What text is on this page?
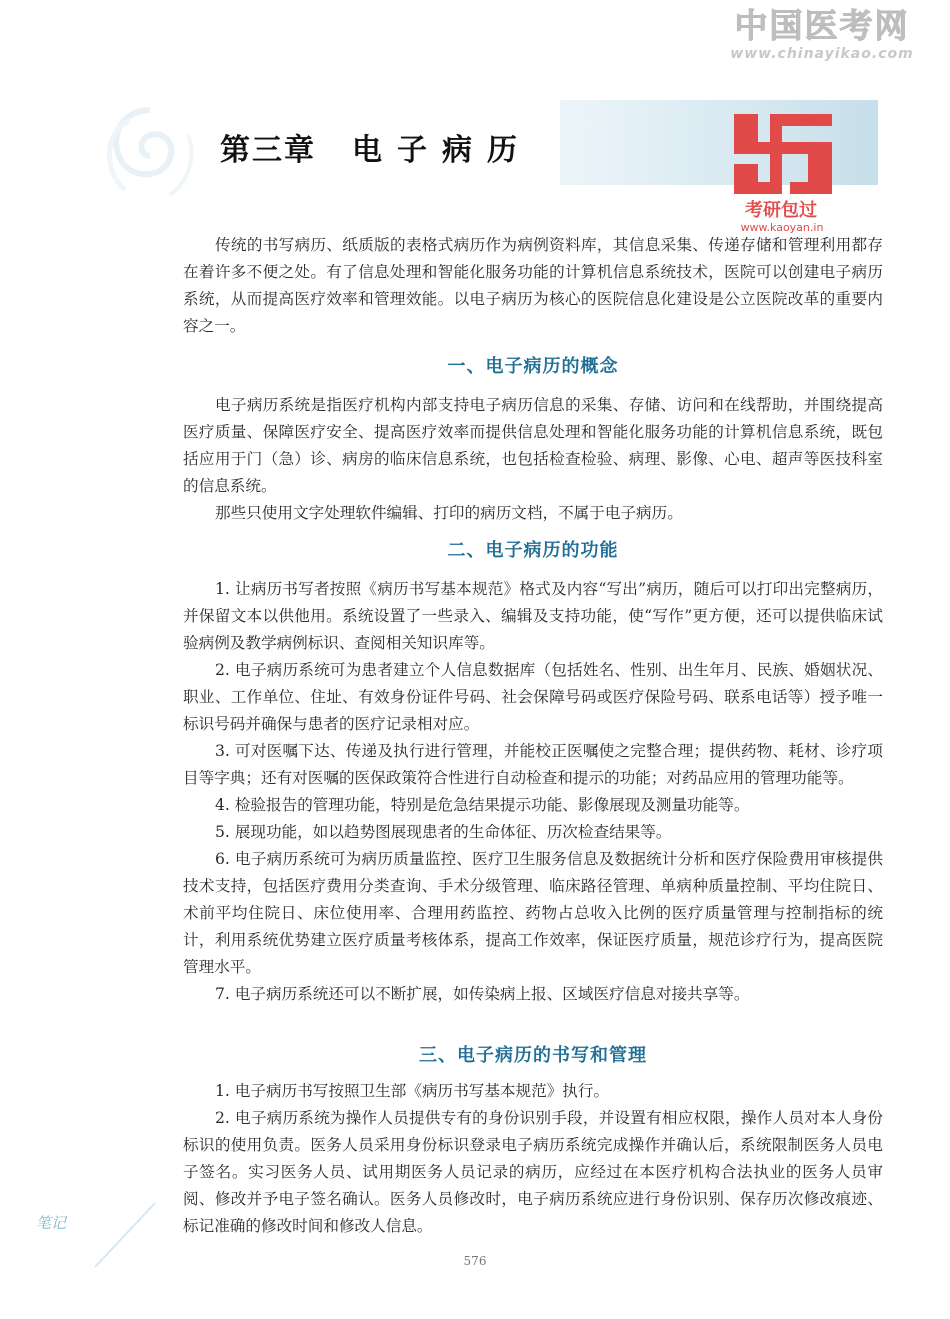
中国医考网
www.chinayikao.com
考研包过
www.kaoyan.in
第三章 电子病历

传统的书写病历、纸质版的表格式病历作为病例资料库，其信息采集、传递存储和管理利用都存在着许多不便之处。有了信息处理和智能化服务功能的计算机信息系统技术，医院可以创建电子病历系统，从而提高医疗效率和管理效能。以电子病历为核心的医院信息化建设是公立医院改革的重要内容之一。

一、电子病历的概念

电子病历系统是指医疗机构内部支持电子病历信息的采集、存储、访问和在线帮助，并围绕提高医疗质量、保障医疗安全、提高医疗效率而提供信息处理和智能化服务功能的计算机信息系统，既包括应用于门（急）诊、病房的临床信息系统，也包括检查检验、病理、影像、心电、超声等医技科室的信息系统。

那些只使用文字处理软件编辑、打印的病历文档，不属于电子病历。

二、电子病历的功能

1. 让病历书写者按照《病历书写基本规范》格式及内容“写出”病历，随后可以打印出完整病历，并保留文本以供他用。系统设置了一些录入、编辑及支持功能，使“写作”更方便，还可以提供临床试验病例及教学病例标识、查阅相关知识库等。

2. 电子病历系统可为患者建立个人信息数据库（包括姓名、性别、出生年月、民族、婚姻状况、职业、工作单位、住址、有效身份证件号码、社会保障号码或医疗保险号码、联系电话等）授予唯一标识号码并确保与患者的医疗记录相对应。

3. 可对医嘱下达、传递及执行进行管理，并能校正医嘱使之完整合理；提供药物、耗材、诊疗项目等字典；还有对医嘱的医保政策符合性进行自动检查和提示的功能；对药品应用的管理功能等。

4. 检验报告的管理功能，特别是危急结果提示功能、影像展现及测量功能等。

5. 展现功能，如以趋势图展现患者的生命体征、历次检查结果等。

6. 电子病历系统可为病历质量监控、医疗卫生服务信息及数据统计分析和医疗保险费用审核提供技术支持，包括医疗费用分类查询、手术分级管理、临床路径管理、单病种质量控制、平均住院日、术前平均住院日、床位使用率、合理用药监控、药物占总收入比例的医疗质量管理与控制指标的统计，利用系统优势建立医疗质量考核体系，提高工作效率，保证医疗质量，规范诊疗行为，提高医院管理水平。

7. 电子病历系统还可以不断扩展，如传染病上报、区域医疗信息对接共享等。

三、电子病历的书写和管理

1. 电子病历书写按照卫生部《病历书写基本规范》执行。

2. 电子病历系统为操作人员提供专有的身份识别手段，并设置有相应权限，操作人员对本人身份标识的使用负责。医务人员采用身份标识登录电子病历系统完成操作并确认后，系统限制医务人员电子签名。实习医务人员、试用期医务人员记录的病历，应经过在本医疗机构合法执业的医务人员审阅、修改并予电子签名确认。医务人员修改时，电子病历系统应进行身份识别、保存历次修改痕迹、标记准确的修改时间和修改人信息。

笔记
576
